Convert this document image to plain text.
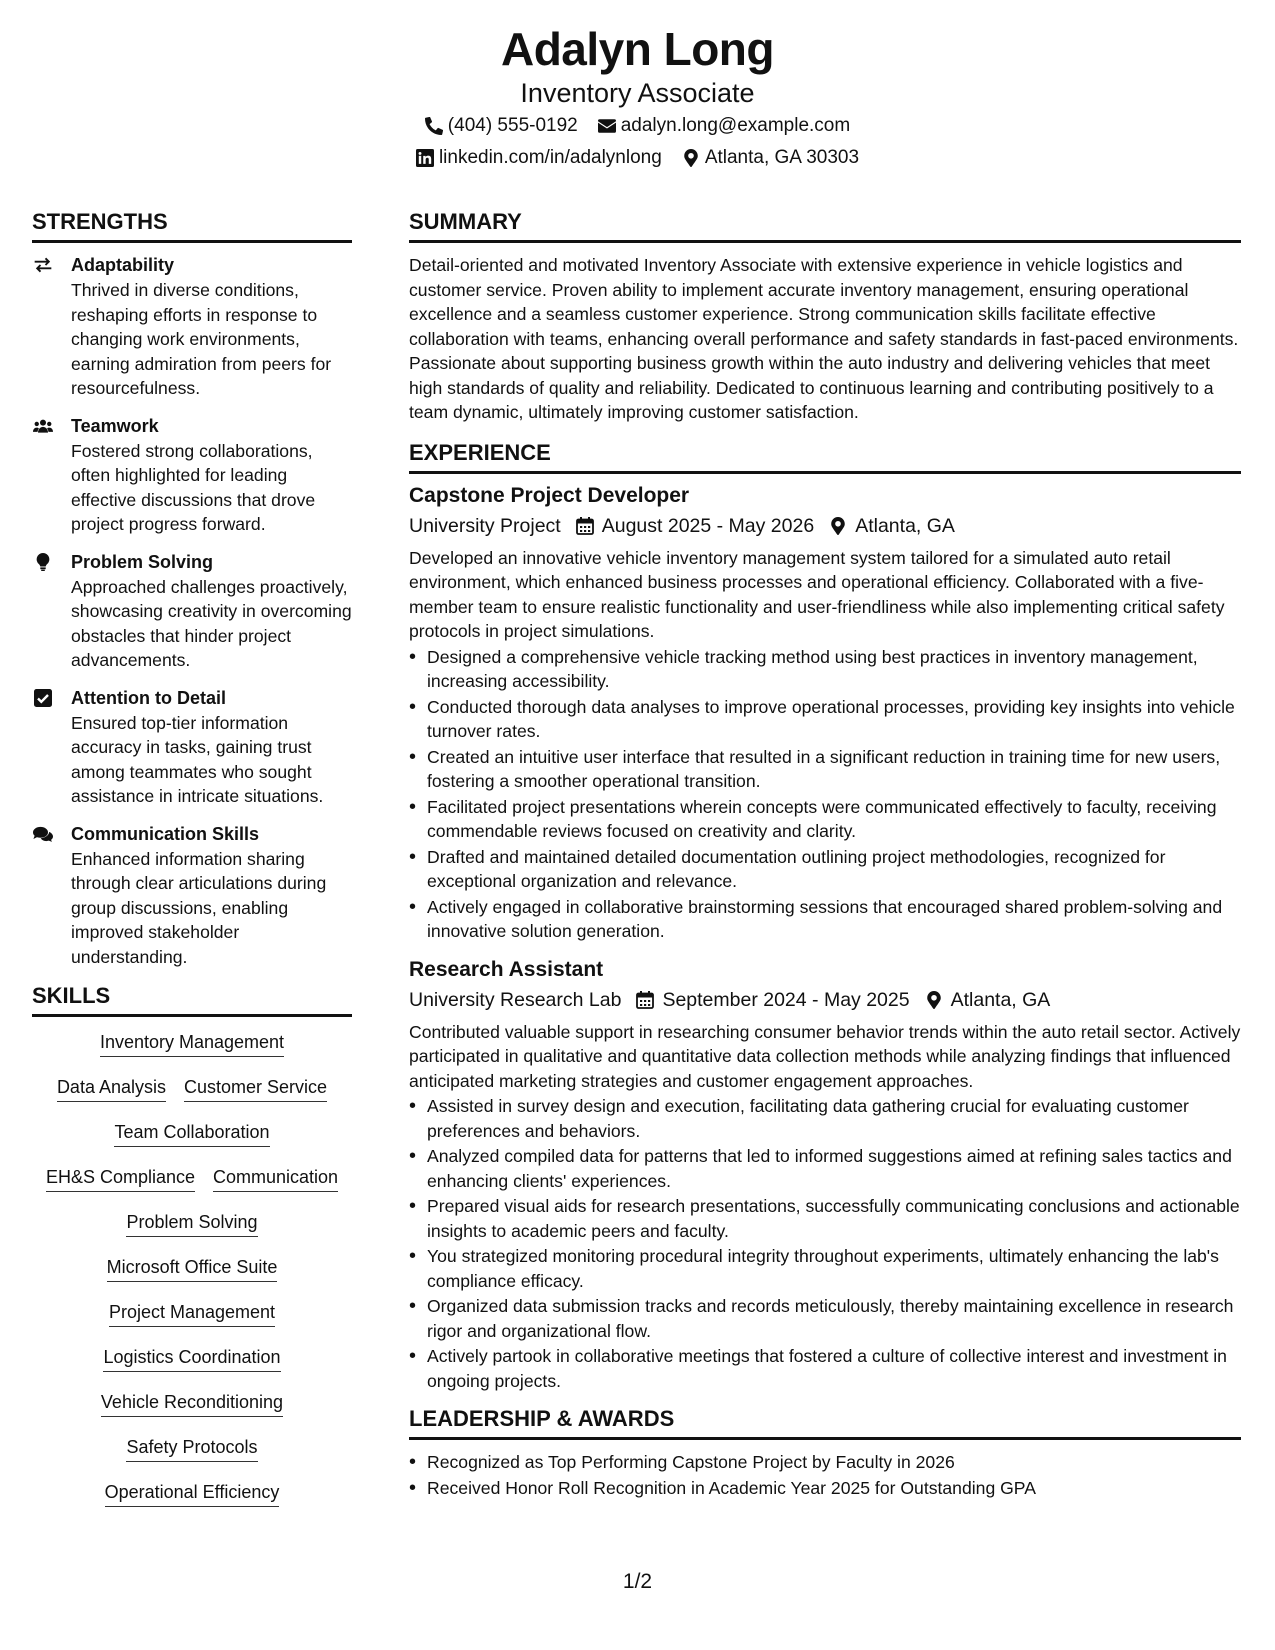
Adalyn Long
Inventory Associate
(404) 555-0192 adalyn.long@example.com
linkedin.com/in/adalynlong Atlanta, GA 30303
STRENGTHS
Adaptability
Thrived in diverse conditions, reshaping efforts in response to changing work environments, earning admiration from peers for resourcefulness.
Teamwork
Fostered strong collaborations, often highlighted for leading effective discussions that drove project progress forward.
Problem Solving
Approached challenges proactively, showcasing creativity in overcoming obstacles that hinder project advancements.
Attention to Detail
Ensured top-tier information accuracy in tasks, gaining trust among teammates who sought assistance in intricate situations.
Communication Skills
Enhanced information sharing through clear articulations during group discussions, enabling improved stakeholder understanding.
SKILLS
Inventory Management
Data Analysis Customer Service
Team Collaboration
EH&S Compliance Communication
Problem Solving
Microsoft Office Suite
Project Management
Logistics Coordination
Vehicle Reconditioning
Safety Protocols
Operational Efficiency
SUMMARY
Detail-oriented and motivated Inventory Associate with extensive experience in vehicle logistics and customer service. Proven ability to implement accurate inventory management, ensuring operational excellence and a seamless customer experience. Strong communication skills facilitate effective collaboration with teams, enhancing overall performance and safety standards in fast-paced environments. Passionate about supporting business growth within the auto industry and delivering vehicles that meet high standards of quality and reliability. Dedicated to continuous learning and contributing positively to a team dynamic, ultimately improving customer satisfaction.
EXPERIENCE
Capstone Project Developer
University Project August 2025 - May 2026 Atlanta, GA
Developed an innovative vehicle inventory management system tailored for a simulated auto retail environment, which enhanced business processes and operational efficiency. Collaborated with a five-member team to ensure realistic functionality and user-friendliness while also implementing critical safety protocols in project simulations.
• Designed a comprehensive vehicle tracking method using best practices in inventory management, increasing accessibility.
• Conducted thorough data analyses to improve operational processes, providing key insights into vehicle turnover rates.
• Created an intuitive user interface that resulted in a significant reduction in training time for new users, fostering a smoother operational transition.
• Facilitated project presentations wherein concepts were communicated effectively to faculty, receiving commendable reviews focused on creativity and clarity.
• Drafted and maintained detailed documentation outlining project methodologies, recognized for exceptional organization and relevance.
• Actively engaged in collaborative brainstorming sessions that encouraged shared problem-solving and innovative solution generation.
Research Assistant
University Research Lab September 2024 - May 2025 Atlanta, GA
Contributed valuable support in researching consumer behavior trends within the auto retail sector. Actively participated in qualitative and quantitative data collection methods while analyzing findings that influenced anticipated marketing strategies and customer engagement approaches.
• Assisted in survey design and execution, facilitating data gathering crucial for evaluating customer preferences and behaviors.
• Analyzed compiled data for patterns that led to informed suggestions aimed at refining sales tactics and enhancing clients' experiences.
• Prepared visual aids for research presentations, successfully communicating conclusions and actionable insights to academic peers and faculty.
• You strategized monitoring procedural integrity throughout experiments, ultimately enhancing the lab's compliance efficacy.
• Organized data submission tracks and records meticulously, thereby maintaining excellence in research rigor and organizational flow.
• Actively partook in collaborative meetings that fostered a culture of collective interest and investment in ongoing projects.
LEADERSHIP & AWARDS
• Recognized as Top Performing Capstone Project by Faculty in 2026
• Received Honor Roll Recognition in Academic Year 2025 for Outstanding GPA
1/2
